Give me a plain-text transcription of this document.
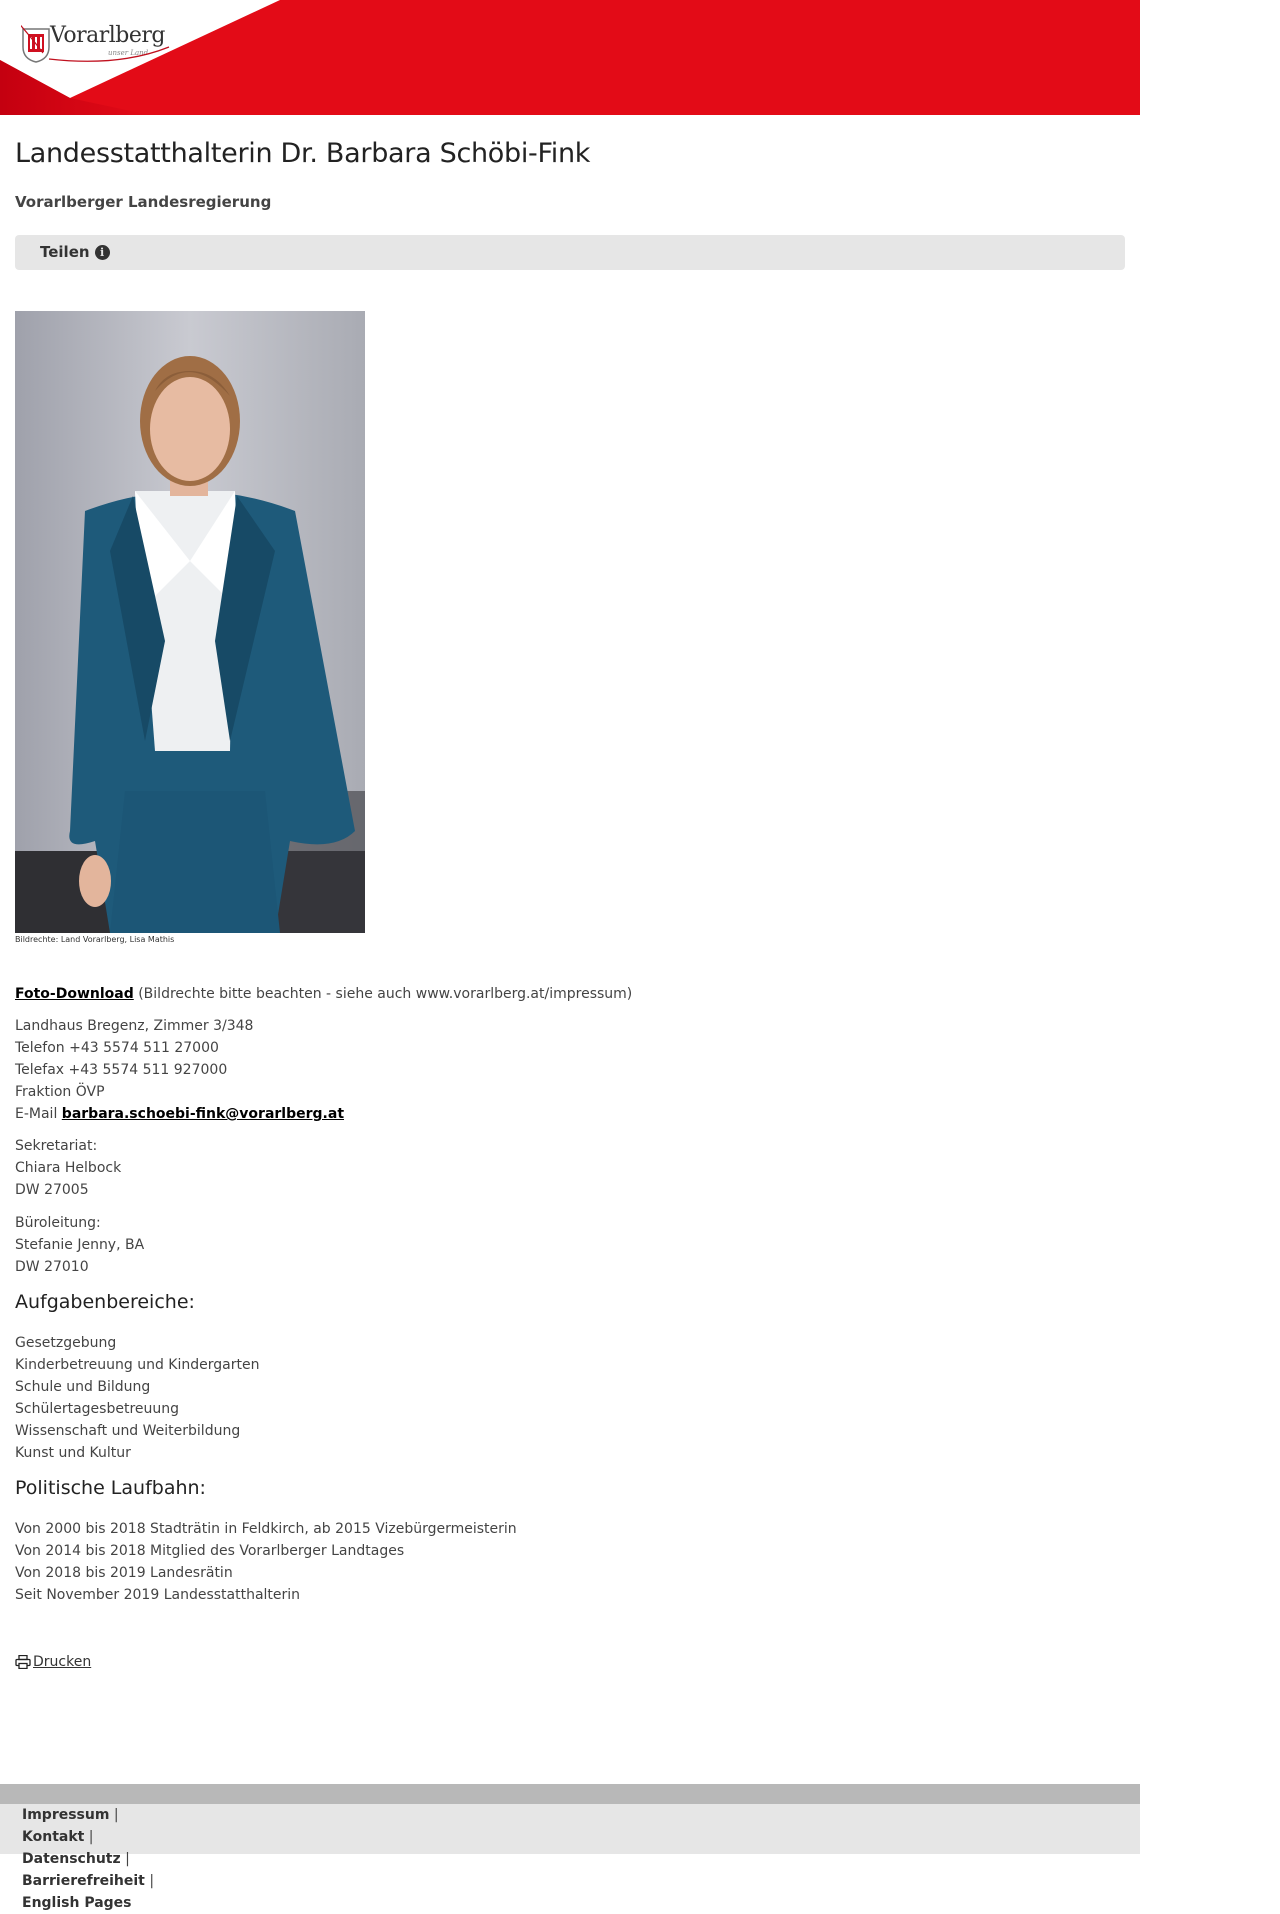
Vorarlberg
unser Land
Landesstatthalterin Dr. Barbara Schöbi-Fink
Vorarlberger Landesregierung
Teilen i
Bildrechte: Land Vorarlberg, Lisa Mathis
Foto-Download (Bildrechte bitte beachten - siehe auch www.vorarlberg.at/impressum)
Landhaus Bregenz, Zimmer 3/348
Telefon +43 5574 511 27000
Telefax +43 5574 511 927000
Fraktion ÖVP
E-Mail barbara.schoebi-fink@vorarlberg.at
Sekretariat:
Chiara Helbock
DW 27005
Büroleitung:
Stefanie Jenny, BA
DW 27010
Aufgabenbereiche:
Gesetzgebung
Kinderbetreuung und Kindergarten
Schule und Bildung
Schülertagesbetreuung
Wissenschaft und Weiterbildung
Kunst und Kultur
Politische Laufbahn:
Von 2000 bis 2018 Stadträtin in Feldkirch, ab 2015 Vizebürgermeisterin
Von 2014 bis 2018 Mitglied des Vorarlberger Landtages
Von 2018 bis 2019 Landesrätin
Seit November 2019 Landesstatthalterin
Drucken
Impressum |
Kontakt |
Datenschutz |
Barrierefreiheit |
English Pages
